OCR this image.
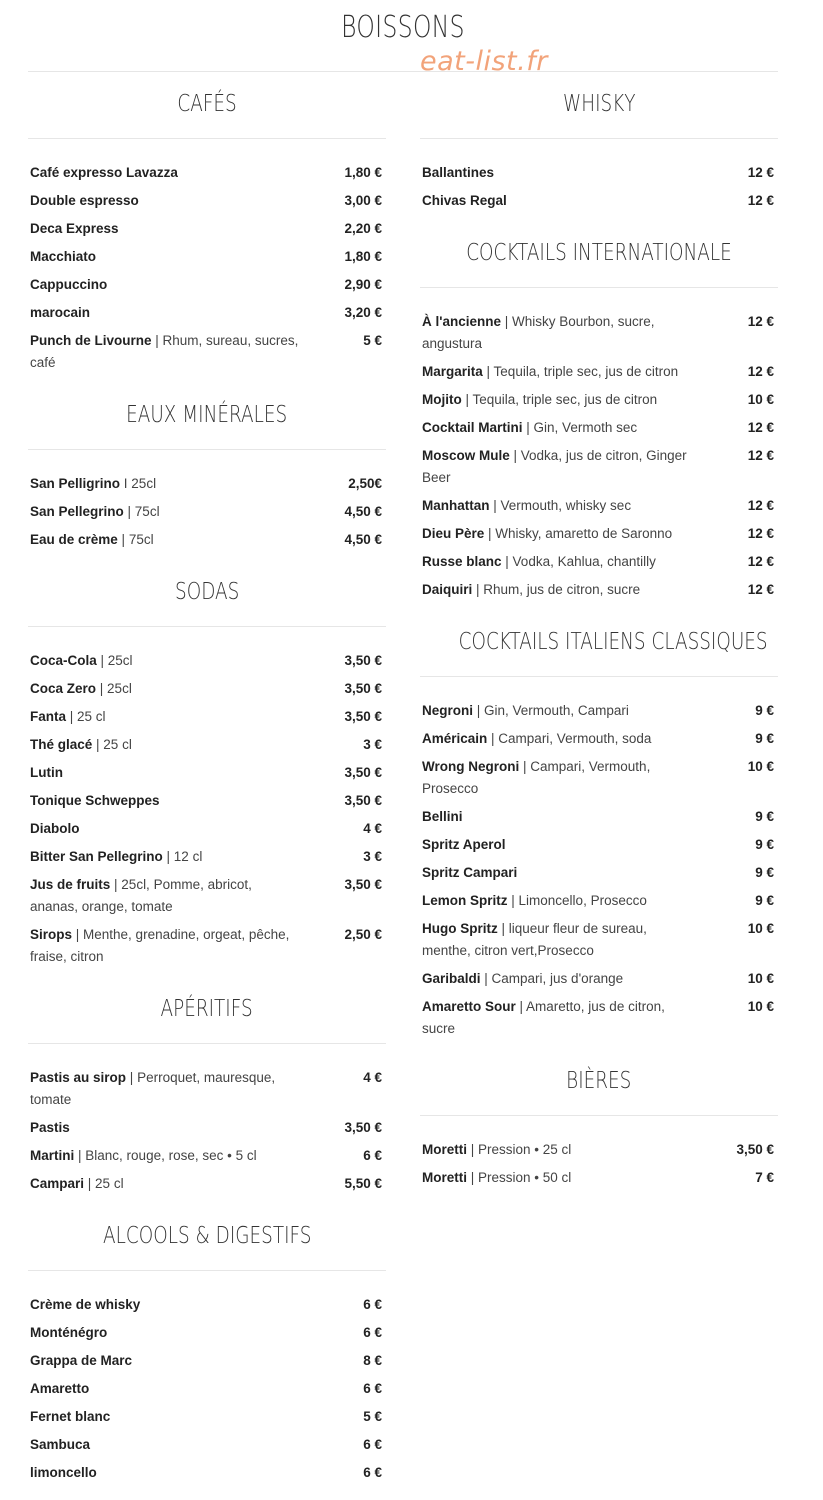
BOISSONS
eat-list.fr
CAFÉS
Café expresso Lavazza	1,80 €
Double espresso	3,00 €
Deca Express	2,20 €
Macchiato	1,80 €
Cappuccino	2,90 €
marocain	3,20 €
Punch de Livourne | Rhum, sureau, sucres, café
5 €
EAUX MINÉRALES
San Pelligrino I 25cl	2,50€
San Pellegrino | 75cl	4,50 €
Eau de crème | 75cl	4,50 €
SODAS
Coca-Cola | 25cl	3,50 €
Coca Zero | 25cl	3,50 €
Fanta | 25 cl	3,50 €
Thé glacé | 25 cl	3 €
Lutin	3,50 €
Tonique Schweppes	3,50 €
Diabolo	4 €
Bitter San Pellegrino | 12 cl	3 €
Jus de fruits | 25cl, Pomme, abricot, ananas, orange, tomate
3,50 €
Sirops | Menthe, grenadine, orgeat, pêche, fraise, citron
2,50 €
APÉRITIFS
Pastis au sirop | Perroquet, mauresque, tomate
4 €
Pastis	3,50 €
Martini | Blanc, rouge, rose, sec • 5 cl	6 €
Campari | 25 cl	5,50 €
ALCOOLS & DIGESTIFS
Crème de whisky	6 €
Monténégro	6 €
Grappa de Marc	8 €
Amaretto	6 €
Fernet blanc	5 €
Sambuca	6 €
limoncello	6 €
WHISKY
Ballantines	12 €
Chivas Regal	12 €
COCKTAILS INTERNATIONALE
À l'ancienne | Whisky Bourbon, sucre, angustura
12 €
Margarita | Tequila, triple sec, jus de citron	12 €
Mojito | Tequila, triple sec, jus de citron	10 €
Cocktail Martini | Gin, Vermoth sec	12 €
Moscow Mule | Vodka, jus de citron, Ginger Beer
12 €
Manhattan | Vermouth, whisky sec	12 €
Dieu Père | Whisky, amaretto de Saronno	12 €
Russe blanc | Vodka, Kahlua, chantilly	12 €
Daiquiri | Rhum, jus de citron, sucre	12 €
COCKTAILS ITALIENS CLASSIQUES
Negroni | Gin, Vermouth, Campari	9 €
Américain | Campari, Vermouth, soda	9 €
Wrong Negroni | Campari, Vermouth, Prosecco
10 €
Bellini	9 €
Spritz Aperol	9 €
Spritz Campari	9 €
Lemon Spritz | Limoncello, Prosecco	9 €
Hugo Spritz | liqueur fleur de sureau, menthe, citron vert,Prosecco
10 €
Garibaldi | Campari, jus d'orange	10 €
Amaretto Sour | Amaretto, jus de citron, sucre
10 €
BIÈRES
Moretti | Pression • 25 cl	3,50 €
Moretti | Pression • 50 cl	7 €
